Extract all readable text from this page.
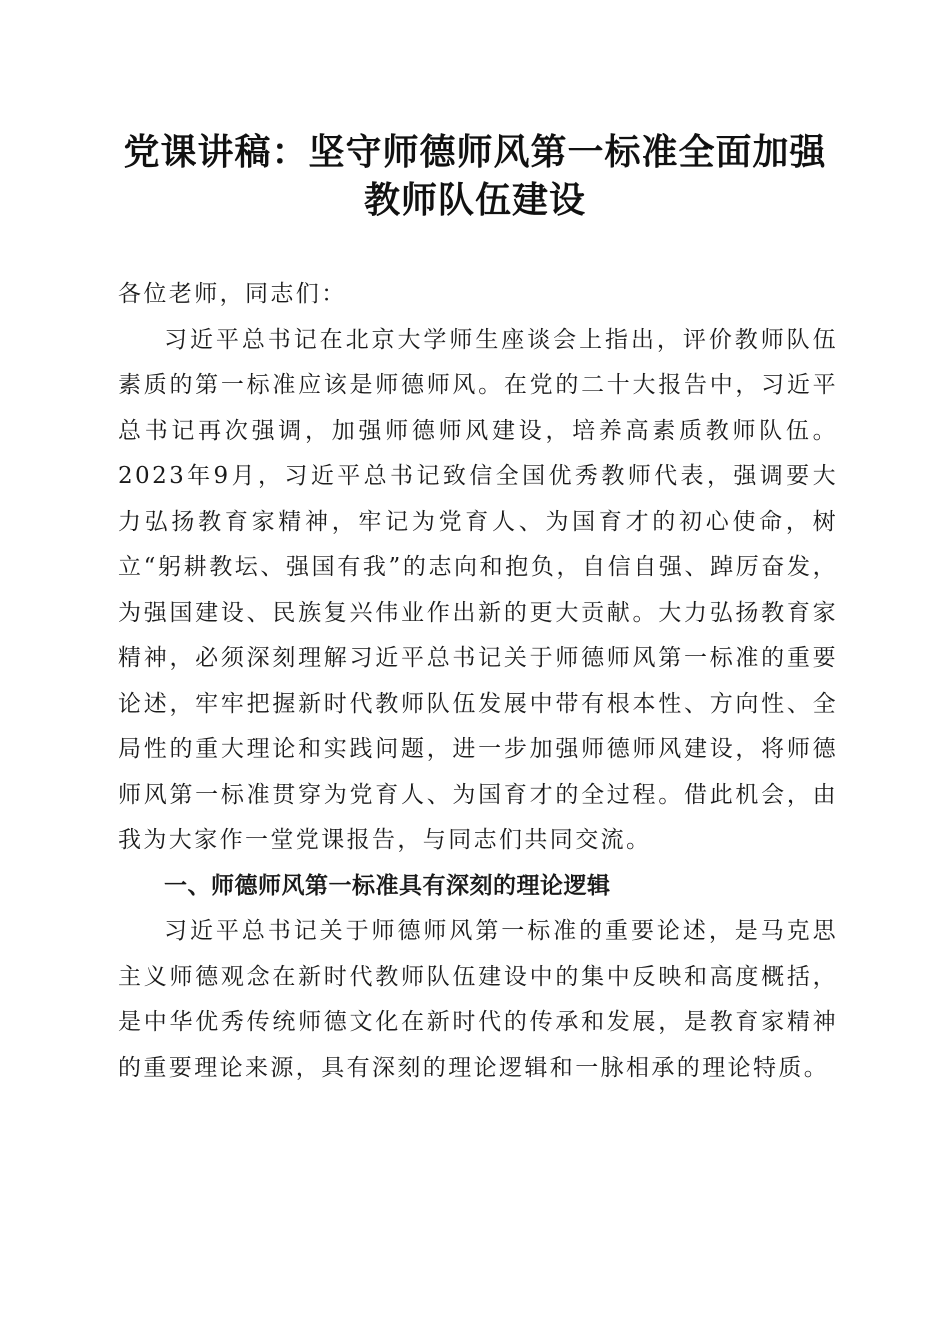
党课讲稿：坚守师德师风第一标准全面加强教师队伍建设

各位老师，同志们：

习近平总书记在北京大学师生座谈会上指出，评价教师队伍素质的第一标准应该是师德师风。在党的二十大报告中，习近平总书记再次强调，加强师德师风建设，培养高素质教师队伍。2023年9月，习近平总书记致信全国优秀教师代表，强调要大力弘扬教育家精神，牢记为党育人、为国育才的初心使命，树立“躬耕教坛、强国有我”的志向和抱负，自信自强、踔厉奋发，为强国建设、民族复兴伟业作出新的更大贡献。大力弘扬教育家精神，必须深刻理解习近平总书记关于师德师风第一标准的重要论述，牢牢把握新时代教师队伍发展中带有根本性、方向性、全局性的重大理论和实践问题，进一步加强师德师风建设，将师德师风第一标准贯穿为党育人、为国育才的全过程。借此机会，由我为大家作一堂党课报告，与同志们共同交流。

一、师德师风第一标准具有深刻的理论逻辑

习近平总书记关于师德师风第一标准的重要论述，是马克思主义师德观念在新时代教师队伍建设中的集中反映和高度概括，是中华优秀传统师德文化在新时代的传承和发展，是教育家精神的重要理论来源，具有深刻的理论逻辑和一脉相承的理论特质。
